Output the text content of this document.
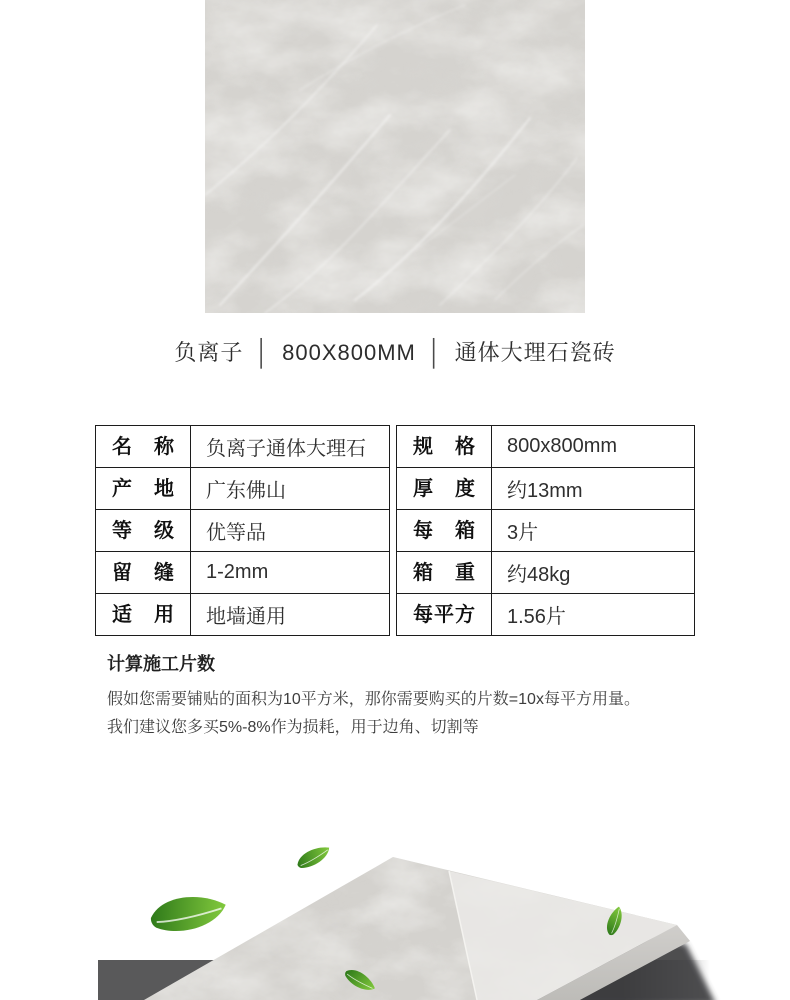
负离子 │ 800X800MM │ 通体大理石瓷砖
名称	负离子通体大理石
产地	广东佛山
等级	优等品
留缝	1-2mm
适用	地墙通用
规格	800x800mm
厚度	约13mm
每箱	3片
箱重	约48kg
每平方	1.56片
计算施工片数

假如您需要铺贴的面积为10平方米，那你需要购买的片数=10x每平方用量。

我们建议您多买5%-8%作为损耗，用于边角、切割等
